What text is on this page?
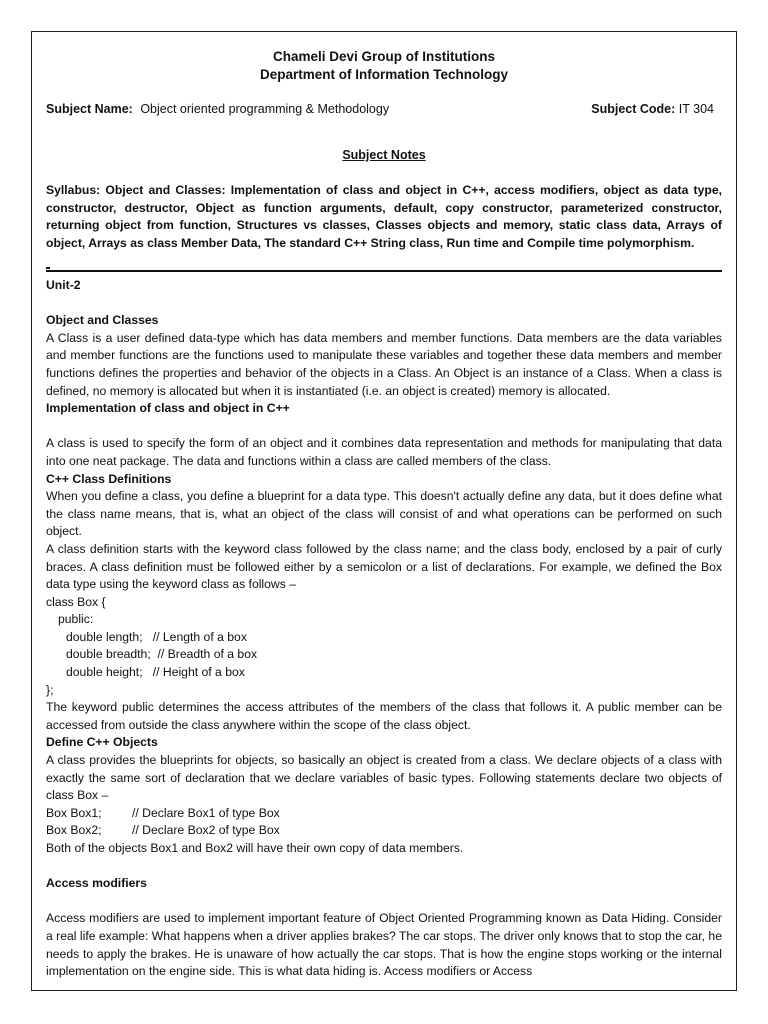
Chameli Devi Group of Institutions
Department of Information Technology
Subject Name: Object oriented programming & Methodology	Subject Code: IT 304
Subject Notes
Syllabus: Object and Classes: Implementation of class and object in C++, access modifiers, object as data type, constructor, destructor, Object as function arguments, default, copy constructor, parameterized constructor, returning object from function, Structures vs classes, Classes objects and memory, static class data, Arrays of object, Arrays as class Member Data, The standard C++ String class, Run time and Compile time polymorphism.

Unit-2

Object and Classes

A Class is a user defined data-type which has data members and member functions. Data members are the data variables and member functions are the functions used to manipulate these variables and together these data members and member functions defines the properties and behavior of the objects in a Class. An Object is an instance of a Class. When a class is defined, no memory is allocated but when it is instantiated (i.e. an object is created) memory is allocated.

Implementation of class and object in C++

A class is used to specify the form of an object and it combines data representation and methods for manipulating that data into one neat package. The data and functions within a class are called members of the class.

C++ Class Definitions

When you define a class, you define a blueprint for a data type. This doesn't actually define any data, but it does define what the class name means, that is, what an object of the class will consist of and what operations can be performed on such object.

A class definition starts with the keyword class followed by the class name; and the class body, enclosed by a pair of curly braces. A class definition must be followed either by a semicolon or a list of declarations. For example, we defined the Box data type using the keyword class as follows –

class Box {

public:

double length;   // Length of a box

double breadth;  // Breadth of a box

double height;   // Height of a box

};

The keyword public determines the access attributes of the members of the class that follows it. A public member can be accessed from outside the class anywhere within the scope of the class object.

Define C++ Objects

A class provides the blueprints for objects, so basically an object is created from a class. We declare objects of a class with exactly the same sort of declaration that we declare variables of basic types. Following statements declare two objects of class Box –

Box Box1;         // Declare Box1 of type Box

Box Box2;         // Declare Box2 of type Box

Both of the objects Box1 and Box2 will have their own copy of data members.

Access modifiers

Access modifiers are used to implement important feature of Object Oriented Programming known as Data Hiding. Consider a real life example: What happens when a driver applies brakes? The car stops. The driver only knows that to stop the car, he needs to apply the brakes. He is unaware of how actually the car stops. That is how the engine stops working or the internal implementation on the engine side. This is what data hiding is. Access modifiers or Access
